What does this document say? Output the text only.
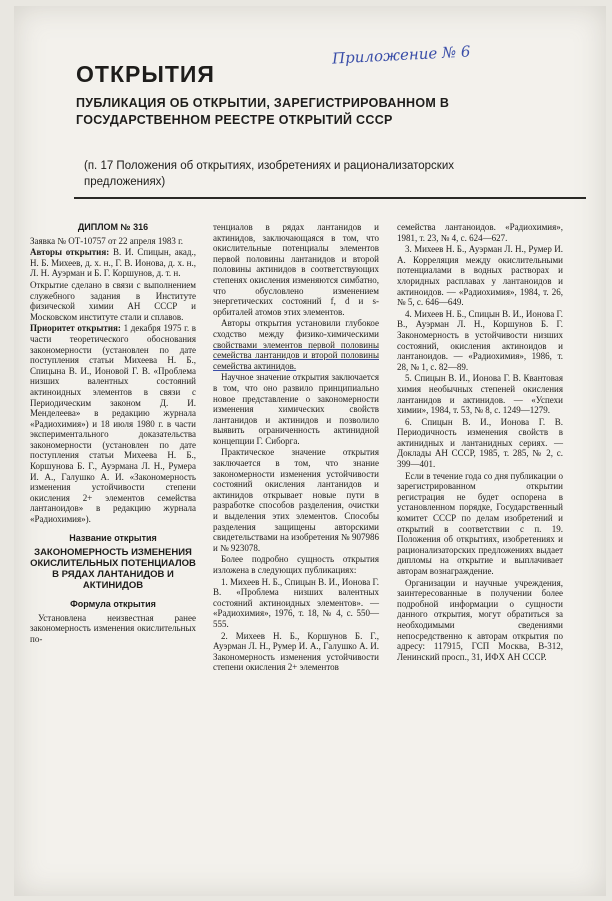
Приложение № 6
ОТКРЫТИЯ
ПУБЛИКАЦИЯ ОБ ОТКРЫТИИ, ЗАРЕГИСТРИРОВАННОМ В ГОСУДАРСТВЕННОМ РЕЕСТРЕ ОТКРЫТИЙ СССР
(п. 17 Положения об открытиях, изобретениях и рационализаторских предложениях)
ДИПЛОМ № 316

Заявка № ОТ-10757 от 22 апреля 1983 г.

Авторы открытия: В. И. Спицын, акад., Н. Б. Михеев, д. х. н., Г. В. Ионова, д. х. н., Л. Н. Ауэрман и Б. Г. Коршунов, д. т. н.

Открытие сделано в связи с выполнением служебного задания в Институте физической химии АН СССР и Московском институте стали и сплавов.

Приоритет открытия: 1 декабря 1975 г. в части теоретического обоснования закономерности (установлен по дате поступления статьи Михеева Н. Б., Спицына В. И., Ионовой Г. В. «Проблема низших валентных состояний актиноидных элементов в связи с Периодическим законом Д. И. Менделеева» в редакцию журнала «Радиохимия») и 18 июля 1980 г. в части экспериментального доказательства закономерности (установлен по дате поступления статьи Михеева Н. Б., Коршунова Б. Г., Ауэрмана Л. Н., Румера И. А., Галушко А. И. «Закономерность изменения устойчивости степени окисления 2+ элементов семейства лантаноидов» в редакцию журнала «Радиохимия»).

Название открытия
ЗАКОНОМЕРНОСТЬ ИЗМЕНЕНИЯ ОКИСЛИТЕЛЬНЫХ ПОТЕНЦИАЛОВ В РЯДАХ ЛАНТАНИДОВ И АКТИНИДОВ
Формула открытия

Установлена неизвестная ранее закономерность изменения окислительных по-

тенциалов в рядах лантанидов и актинидов, заключающаяся в том, что окислительные потенциалы элементов первой половины лантанидов и второй половины актинидов в соответствующих степенях окисления изменяются симбатно, что обусловлено изменением энергетических состояний f, d и s-орбиталей атомов этих элементов.

Авторы открытия установили глубокое сходство между физико-химическими свойствами элементов первой половины семейства лантанидов и второй половины семейства актинидов.

Научное значение открытия заключается в том, что оно развило принципиально новое представление о закономерности изменения химических свойств лантанидов и актинидов и позволило выявить ограниченность актинидной концепции Г. Сиборга.

Практическое значение открытия заключается в том, что знание закономерности изменения устойчивости состояний окисления лантанидов и актинидов открывает новые пути в разработке способов разделения, очистки и выделения этих элементов. Способы разделения защищены авторскими свидетельствами на изобретения № 907986 и № 923078.

Более подробно сущность открытия изложена в следующих публикациях:

1. Михеев Н. Б., Спицын В. И., Ионова Г. В. «Проблема низших валентных состояний актиноидных элементов». — «Радиохимия», 1976, т. 18, № 4, с. 550—555.

2. Михеев Н. Б., Коршунов Б. Г., Ауэрман Л. Н., Румер И. А., Галушко А. И. Закономерность изменения устойчивости степени окисления 2+ элементов

семейства лантаноидов. «Радиохимия», 1981, т. 23, № 4, с. 624—627.

3. Михеев Н. Б., Ауэрман Л. Н., Румер И. А. Корреляция между окислительными потенциалами в водных растворах и хлоридных расплавах у лантаноидов и актиноидов. — «Радиохимия», 1984, т. 26, № 5, с. 646—649.

4. Михеев Н. Б., Спицын В. И., Ионова Г. В., Ауэрман Л. Н., Коршунов Б. Г. Закономерность в устойчивости низших состояний, окисления актиноидов и лантаноидов. — «Радиохимия», 1986, т. 28, № 1, с. 82—89.

5. Спицын В. И., Ионова Г. В. Квантовая химия необычных степеней окисления лантанидов и актинидов. — «Успехи химии», 1984, т. 53, № 8, с. 1249—1279.

6. Спицын В. И., Ионова Г. В. Периодичность изменения свойств в актинидных и лантанидных сериях. — Доклады АН СССР, 1985, т. 285, № 2, с. 399—401.

Если в течение года со дня публикации о зарегистрированном открытии регистрация не будет оспорена в установленном порядке, Государственный комитет СССР по делам изобретений и открытий в соответствии с п. 19. Положения об открытиях, изобретениях и рационализаторских предложениях выдает дипломы на открытие и выплачивает авторам вознаграждение.

Организации и научные учреждения, заинтересованные в получении более подробной информации о сущности данного открытия, могут обратиться за необходимыми сведениями непосредственно к авторам открытия по адресу: 117915, ГСП Москва, В-312, Ленинский просп., 31, ИФХ АН СССР.
